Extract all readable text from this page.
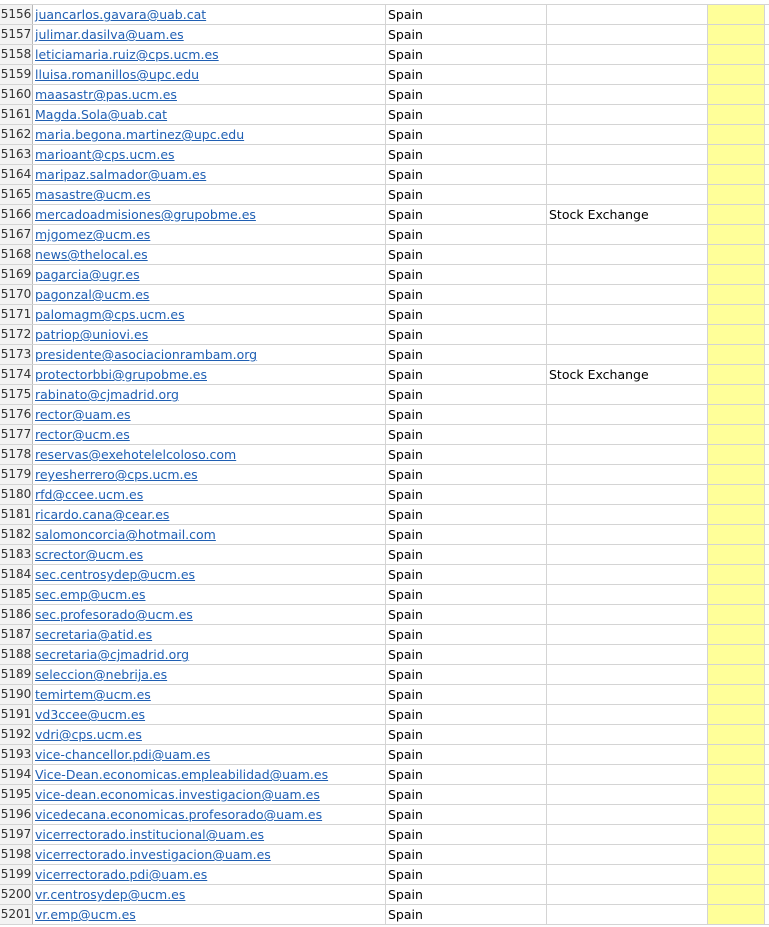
5156 juancarlos.gavara@uab.cat	Spain
5157 julimar.dasilva@uam.es	Spain
5158 leticiamaria.ruiz@cps.ucm.es	Spain
5159 lluisa.romanillos@upc.edu	Spain
5160 maasastr@pas.ucm.es	Spain
5161 Magda.Sola@uab.cat	Spain
5162 maria.begona.martinez@upc.edu	Spain
5163 marioant@cps.ucm.es	Spain
5164 maripaz.salmador@uam.es	Spain
5165 masastre@ucm.es	Spain
5166 mercadoadmisiones@grupobme.es	Spain	Stock Exchange
5167 mjgomez@ucm.es	Spain
5168 news@thelocal.es	Spain
5169 pagarcia@ugr.es	Spain
5170 pagonzal@ucm.es	Spain
5171 palomagm@cps.ucm.es	Spain
5172 patriop@uniovi.es	Spain
5173 presidente@asociacionrambam.org	Spain
5174 protectorbbi@grupobme.es	Spain	Stock Exchange
5175 rabinato@cjmadrid.org	Spain
5176 rector@uam.es	Spain
5177 rector@ucm.es	Spain
5178 reservas@exehotelelcoloso.com	Spain
5179 reyesherrero@cps.ucm.es	Spain
5180 rfd@ccee.ucm.es	Spain
5181 ricardo.cana@cear.es	Spain
5182 salomoncorcia@hotmail.com	Spain
5183 scrector@ucm.es	Spain
5184 sec.centrosydep@ucm.es	Spain
5185 sec.emp@ucm.es	Spain
5186 sec.profesorado@ucm.es	Spain
5187 secretaria@atid.es	Spain
5188 secretaria@cjmadrid.org	Spain
5189 seleccion@nebrija.es	Spain
5190 temirtem@ucm.es	Spain
5191 vd3ccee@ucm.es	Spain
5192 vdri@cps.ucm.es	Spain
5193 vice-chancellor.pdi@uam.es	Spain
5194 Vice-Dean.economicas.empleabilidad@uam.es	Spain
5195 vice-dean.economicas.investigacion@uam.es	Spain
5196 vicedecana.economicas.profesorado@uam.es	Spain
5197 vicerrectorado.institucional@uam.es	Spain
5198 vicerrectorado.investigacion@uam.es	Spain
5199 vicerrectorado.pdi@uam.es	Spain
5200 vr.centrosydep@ucm.es	Spain
5201 vr.emp@ucm.es	Spain
